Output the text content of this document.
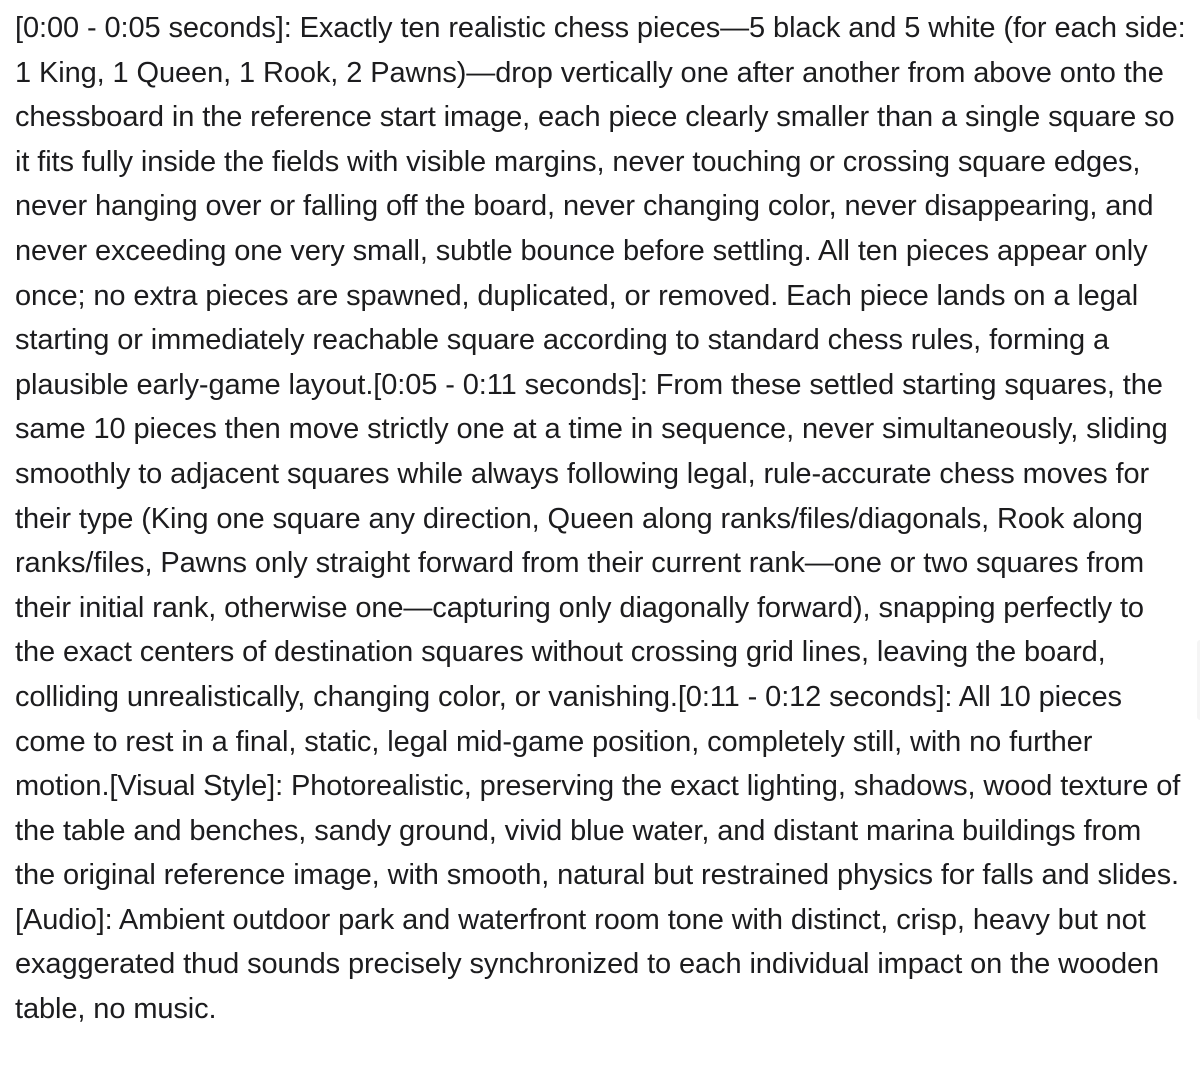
[0:00 - 0:05 seconds]: Exactly ten realistic chess pieces—5 black and 5 white (for each side: 1 King, 1 Queen, 1 Rook, 2 Pawns)—drop vertically one after another from above onto the chessboard in the reference start image, each piece clearly smaller than a single square so it fits fully inside the fields with visible margins, never touching or crossing square edges, never hanging over or falling off the board, never changing color, never disappearing, and never exceeding one very small, subtle bounce before settling. All ten pieces appear only once; no extra pieces are spawned, duplicated, or removed. Each piece lands on a legal starting or immediately reachable square according to standard chess rules, forming a plausible early-game layout.[0:05 - 0:11 seconds]: From these settled starting squares, the same 10 pieces then move strictly one at a time in sequence, never simultaneously, sliding smoothly to adjacent squares while always following legal, rule-accurate chess moves for their type (King one square any direction, Queen along ranks/files/diagonals, Rook along ranks/files, Pawns only straight forward from their current rank—one or two squares from their initial rank, otherwise one—capturing only diagonally forward), snapping perfectly to the exact centers of destination squares without crossing grid lines, leaving the board, colliding unrealistically, changing color, or vanishing.[0:11 - 0:12 seconds]: All 10 pieces come to rest in a final, static, legal mid-game position, completely still, with no further motion.[Visual Style]: Photorealistic, preserving the exact lighting, shadows, wood texture of the table and benches, sandy ground, vivid blue water, and distant marina buildings from the original reference image, with smooth, natural but restrained physics for falls and slides.[Audio]: Ambient outdoor park and waterfront room tone with distinct, crisp, heavy but not exaggerated thud sounds precisely synchronized to each individual impact on the wooden table, no music.
